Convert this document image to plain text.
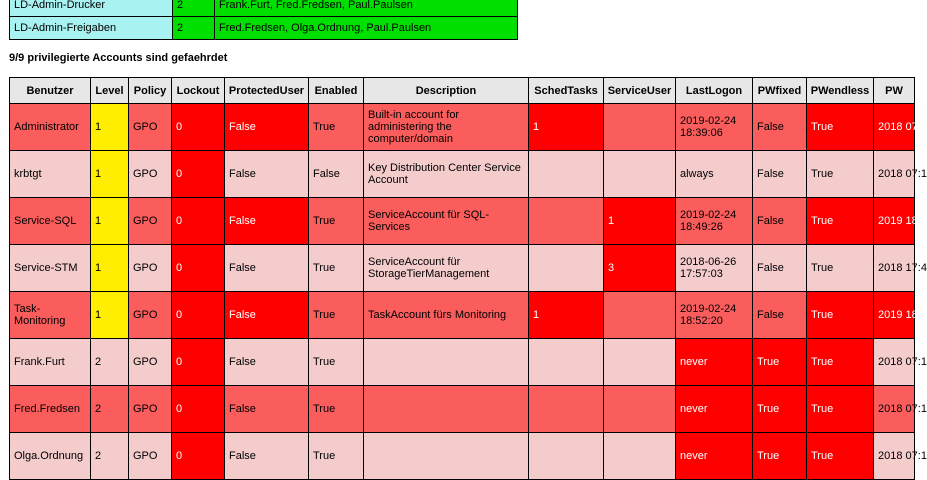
LD-Admin-Drucker	2	Frank.Furt, Fred.Fredsen, Paul.Paulsen
LD-Admin-Freigaben	2	Fred.Fredsen, Olga.Ordnung, Paul.Paulsen
9/9 privilegierte Accounts sind gefaehrdet
Benutzer	Level	Policy	Lockout	ProtectedUser	Enabled	Description	SchedTasks	ServiceUser	LastLogon	PWfixed	PWendless	PW
Administrator	1	GPO	0	False	True	Built-in account for administering the computer/domain	1		2019-02-24 18:39:06	False	True	2018 07:1
krbtgt	1	GPO	0	False	False	Key Distribution Center Service Account			always	False	True	2018 07:1
Service-SQL	1	GPO	0	False	True	ServiceAccount für SQL-Services		1	2019-02-24 18:49:26	False	True	2019 18:4
Service-STM	1	GPO	0	False	True	ServiceAccount für StorageTierManagement		3	2018-06-26 17:57:03	False	True	2018 17:4
Task-Monitoring	1	GPO	0	False	True	TaskAccount fürs Monitoring	1		2019-02-24 18:52:20	False	True	2019 18:5
Frank.Furt	2	GPO	0	False	True				never	True	True	2018 07:1
Fred.Fredsen	2	GPO	0	False	True				never	True	True	2018 07:1
Olga.Ordnung	2	GPO	0	False	True				never	True	True	2018 07:1
